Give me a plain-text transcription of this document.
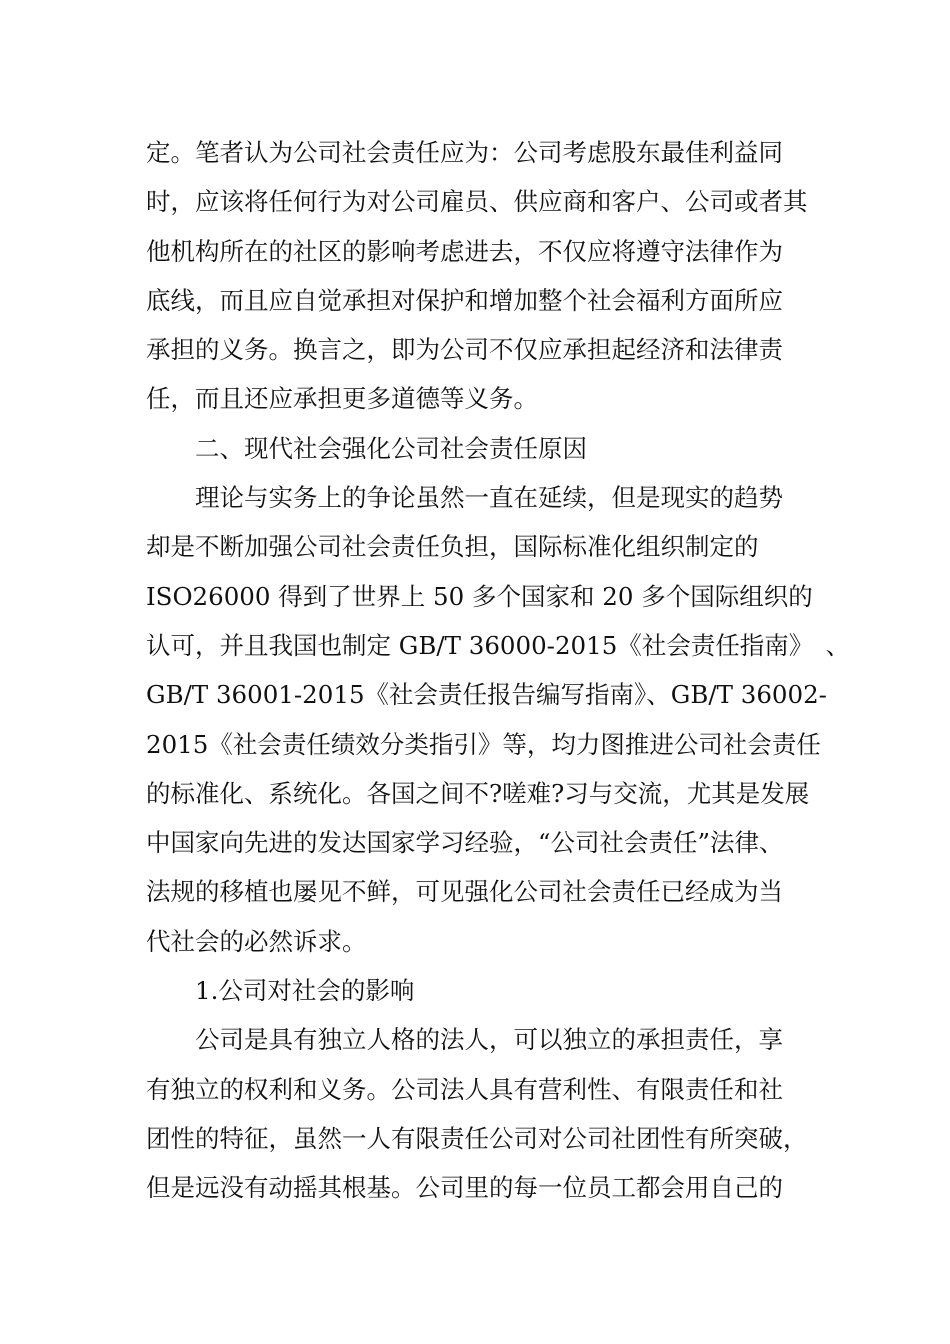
定。笔者认为公司社会责任应为：公司考虑股东最佳利益同
时，应该将任何行为对公司雇员、供应商和客户、公司或者其
他机构所在的社区的影响考虑进去，不仅应将遵守法律作为
底线，而且应自觉承担对保护和增加整个社会福利方面所应
承担的义务。换言之，即为公司不仅应承担起经济和法律责
任，而且还应承担更多道德等义务。
二、现代社会强化公司社会责任原因
理论与实务上的争论虽然一直在延续，但是现实的趋势
却是不断加强公司社会责任负担，国际标准化组织制定的
ISO26000 得到了世界上 50 多个国家和 20 多个国际组织的
认可，并且我国也制定 GB/T 36000-2015《社会责任指南》　、
GB/T 36001-2015《社会责任报告编写指南》、GB/T 36002-
2015《社会责任绩效分类指引》等，均力图推进公司社会责任
的标准化、系统化。各国之间不?嗟难?习与交流，尤其是发展
中国家向先进的发达国家学习经验，“公司社会责任”法律、
法规的移植也屡见不鲜，可见强化公司社会责任已经成为当
代社会的必然诉求。
1.公司对社会的影响
公司是具有独立人格的法人，可以独立的承担责任，享
有独立的权利和义务。公司法人具有营利性、有限责任和社
团性的特征，虽然一人有限责任公司对公司社团性有所突破，
但是远没有动摇其根基。公司里的每一位员工都会用自己的
